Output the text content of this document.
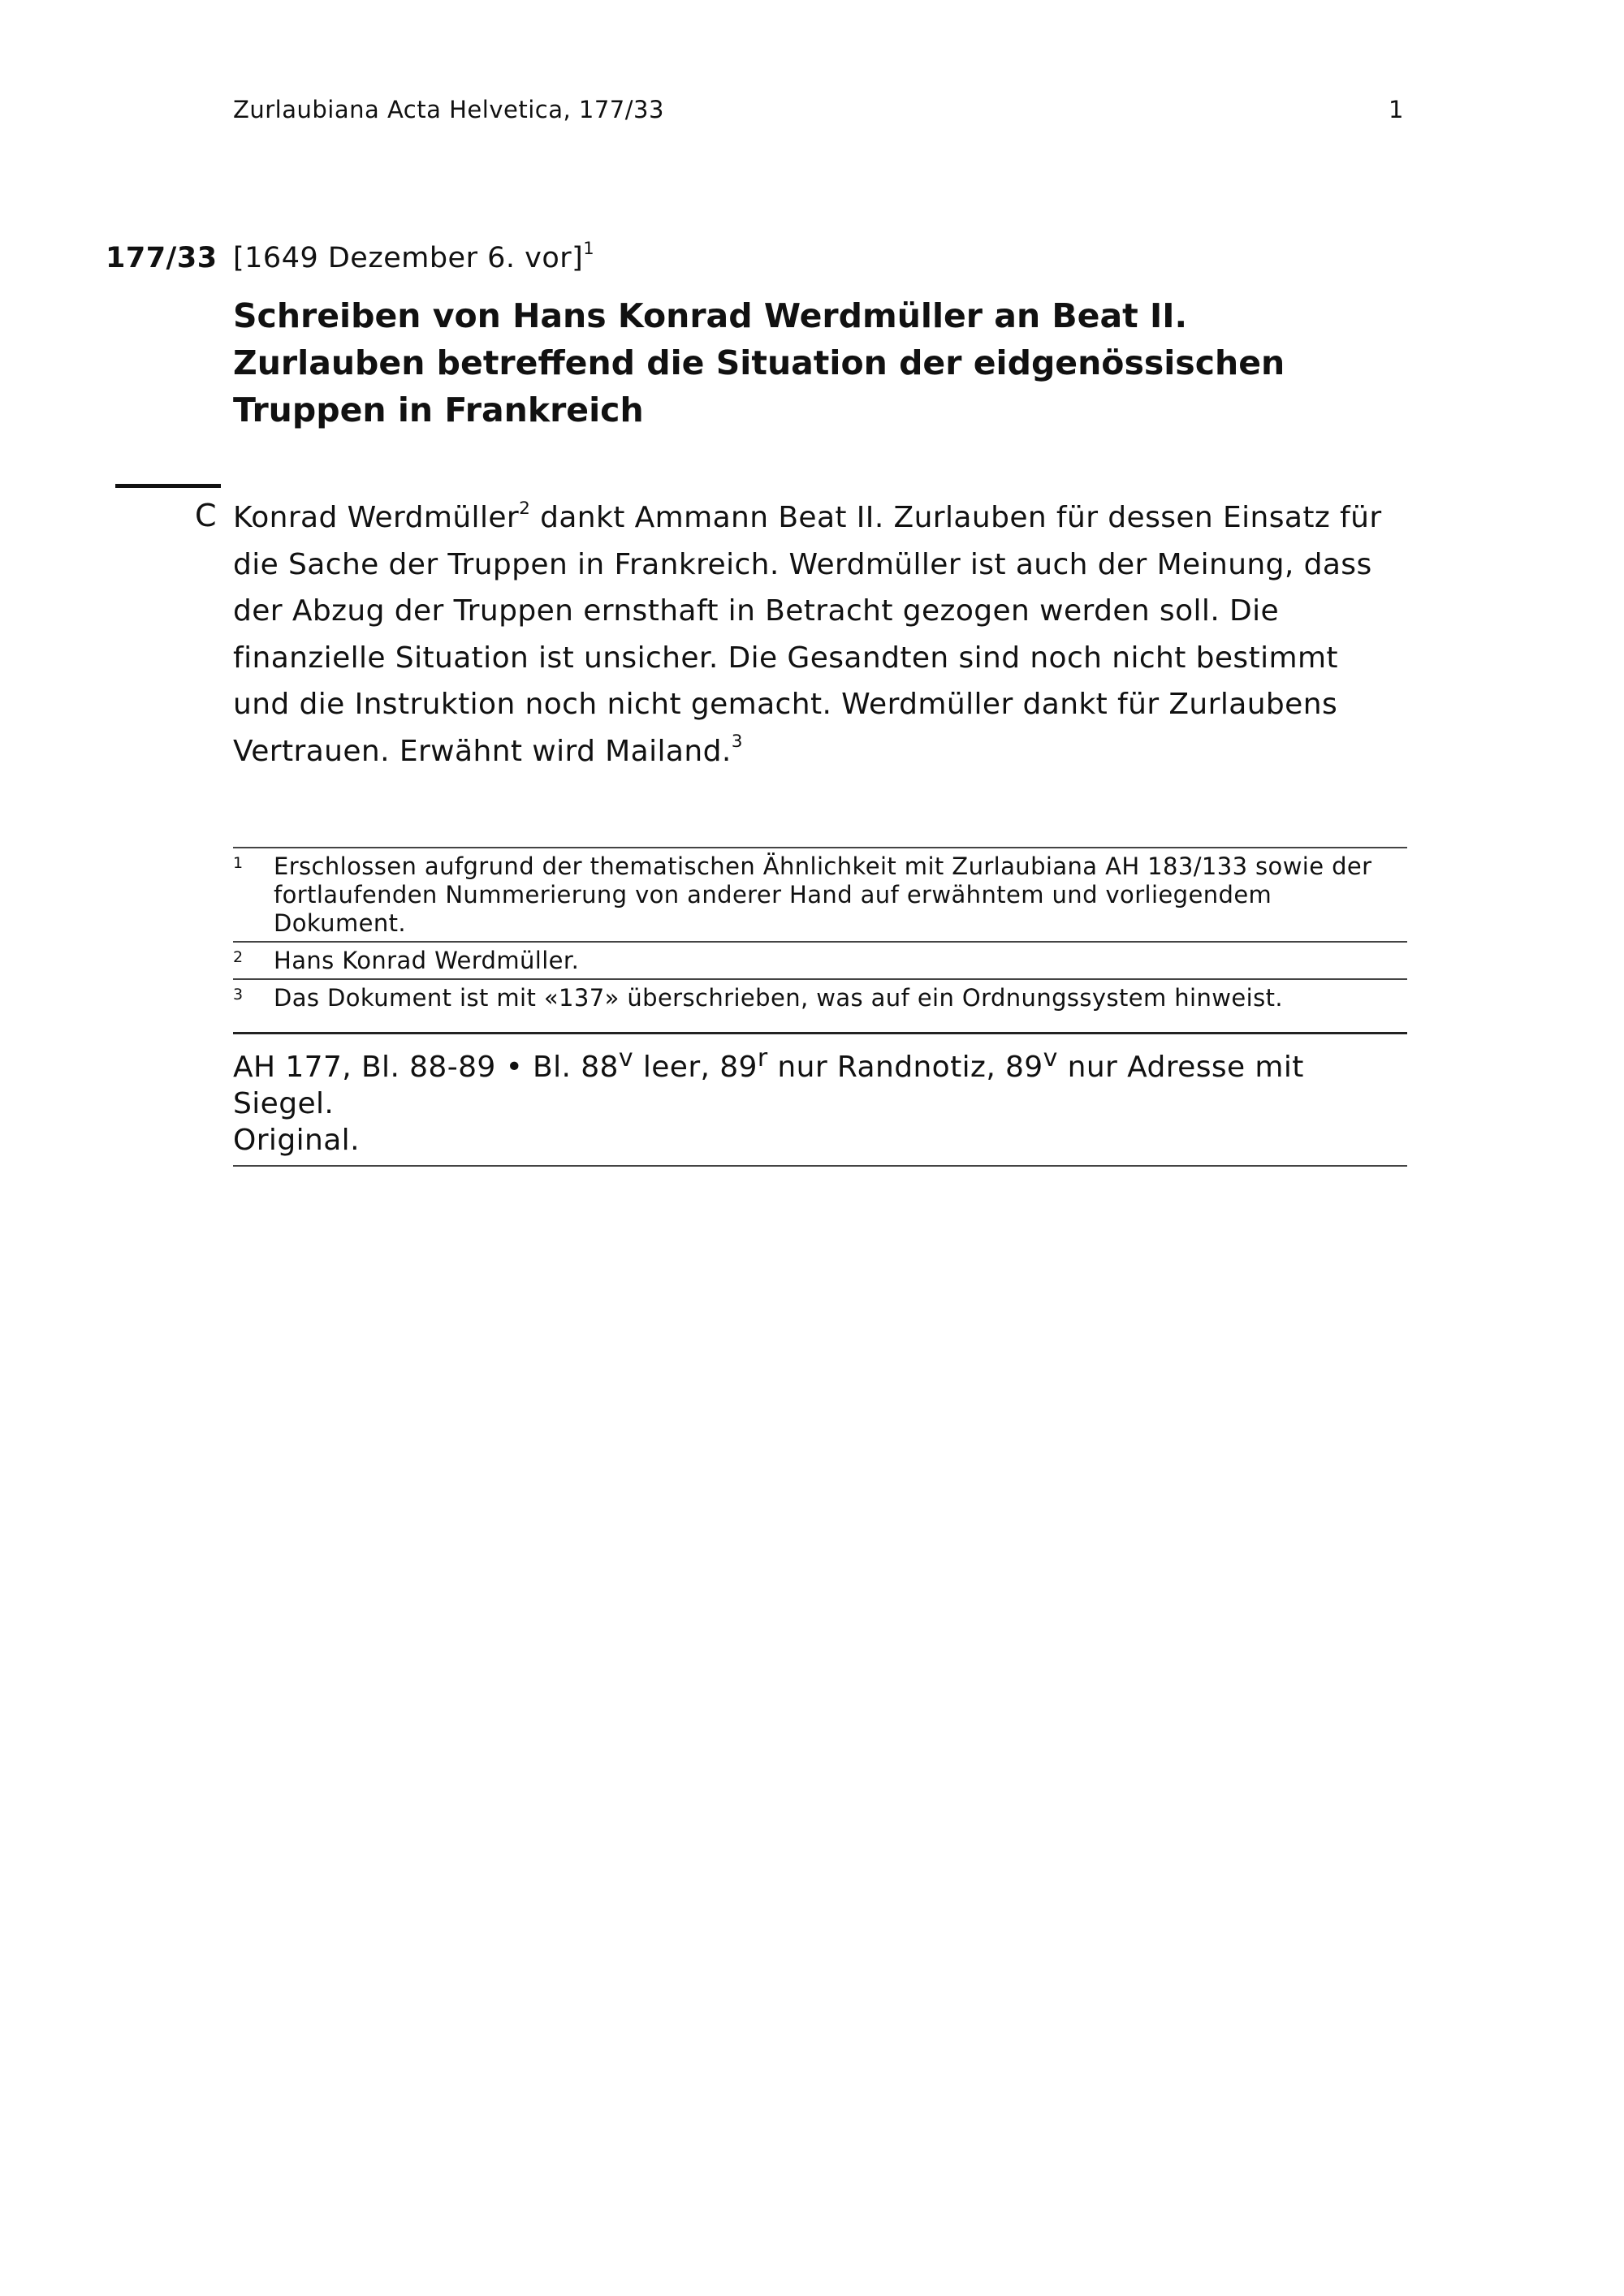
Zurlaubiana Acta Helvetica, 177/33	1
177/33 [1649 Dezember 6. vor]$^1$
Schreiben von Hans Konrad Werdmüller an Beat II. Zurlauben betreffend die Situation der eidgenössischen Truppen in Frankreich
C Konrad Werdmüller$^2$ dankt Ammann Beat II. Zurlauben für dessen Einsatz für die Sache der Truppen in Frankreich. Werdmüller ist auch der Meinung, dass der Abzug der Truppen ernsthaft in Betracht gezogen werden soll. Die finanzielle Situation ist unsicher. Die Gesandten sind noch nicht bestimmt und die Instruktion noch nicht gemacht. Werdmüller dankt für Zurlaubens Vertrauen. Erwähnt wird Mailand.$^3$

1 Erschlossen aufgrund der thematischen Ähnlichkeit mit Zurlaubiana AH 183/133 sowie der fortlaufenden Nummerierung von anderer Hand auf erwähntem und vorliegendem Dokument.
2 Hans Konrad Werdmüller.
3 Das Dokument ist mit «137» überschrieben, was auf ein Ordnungssystem hinweist.
AH 177, Bl. 88-89 • Bl. 88$^v$ leer, 89$^r$ nur Randnotiz, 89$^v$ nur Adresse mit Siegel.
Original.
